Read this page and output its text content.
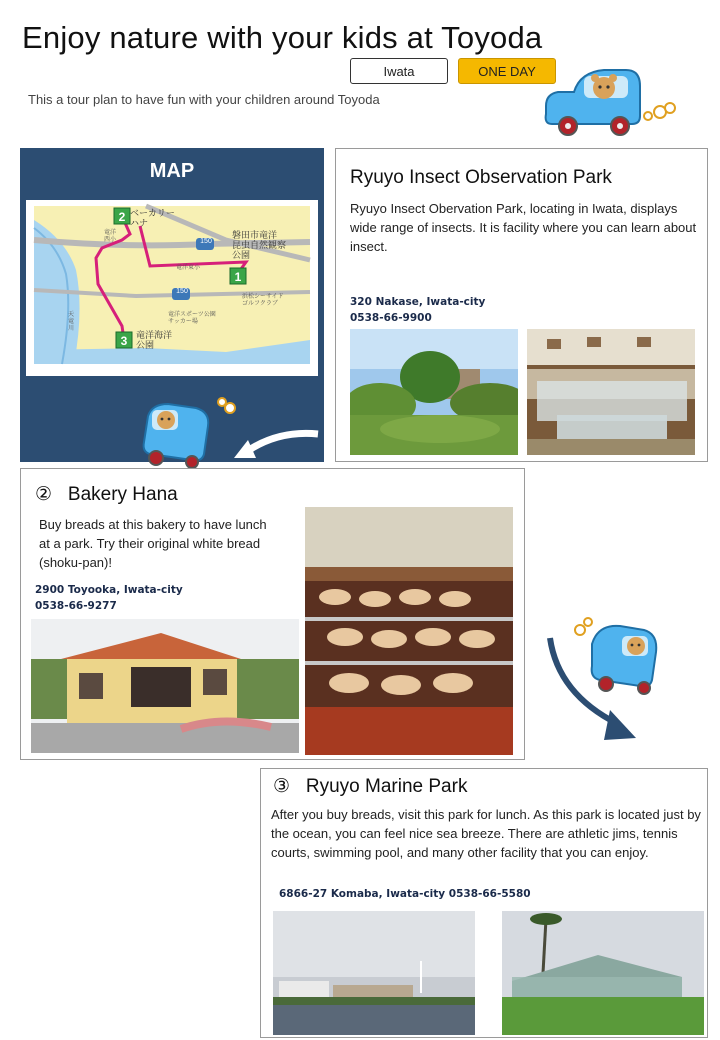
Enjoy nature with your kids at Toyoda
Iwata	ONE DAY
This a tour plan to have fun with your children around Toyoda
MAP
2
1
3
ベーカリー
ハナ
磐田市竜洋
昆虫自然観察
公園
竜洋海洋
公園
浜松シーサイド
ゴルフクラブ
天竜川
竜洋
西小
竜洋東小
竜洋スポーツ公園
サッカー場
150
150
Ryuyo Insect Observation Park
Ryuyo Insect Obervation Park, locating in Iwata, displays wide range of insects. It is facility where you can learn about insect.
320 Nakase, Iwata-city
0538-66-9900
② Bakery Hana
Buy breads at this bakery to have lunch at a park. Try their original white bread (shoku-pan)!
2900 Toyooka, Iwata-city
0538-66-9277
③ Ryuyo Marine Park
After you buy breads, visit this park for lunch. As this park is located just by the ocean, you can feel nice sea breeze. There are athletic jims, tennis courts, swimming pool, and many other facility that you can enjoy.
6866-27 Komaba, Iwata-city 0538-66-5580
